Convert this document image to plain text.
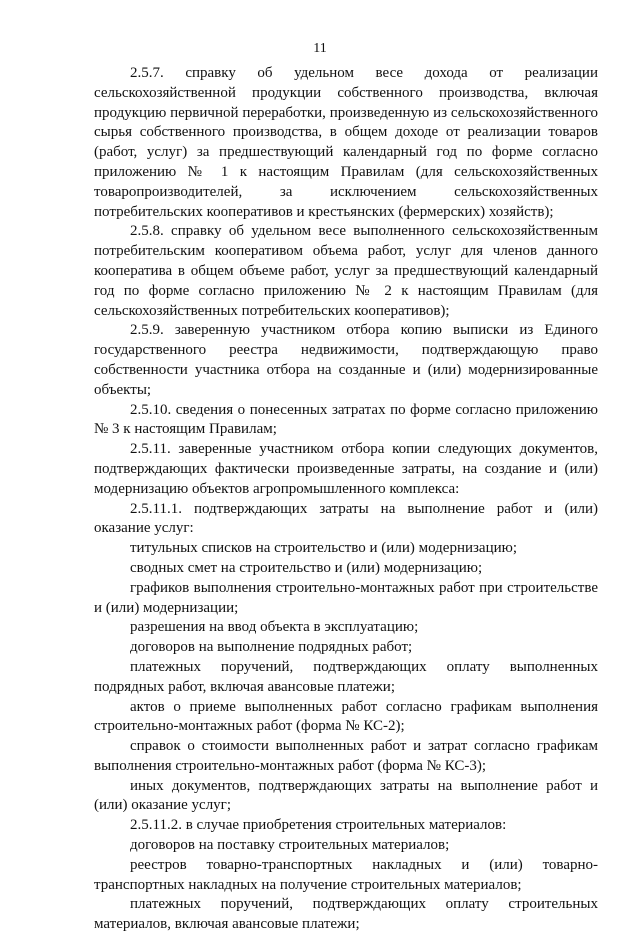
11

2.5.7. справку об удельном весе дохода от реализации сельскохозяйственной продукции собственного производства, включая продукцию первичной переработки, произведенную из сельскохозяйственного сырья собственного производства, в общем доходе от реализации товаров (работ, услуг) за предшествующий календарный год по форме согласно приложению № 1 к настоящим Правилам (для сельскохозяйственных товаропроизводителей, за исключением сельскохозяйственных потребительских кооперативов и крестьянских (фермерских) хозяйств);

2.5.8. справку об удельном весе выполненного сельскохозяйственным потребительским кооперативом объема работ, услуг для членов данного кооператива в общем объеме работ, услуг за предшествующий календарный год по форме согласно приложению № 2 к настоящим Правилам (для сельскохозяйственных потребительских кооперативов);

2.5.9. заверенную участником отбора копию выписки из Единого государственного реестра недвижимости, подтверждающую право собственности участника отбора на созданные и (или) модернизированные объекты;

2.5.10. сведения о понесенных затратах по форме согласно приложению № 3 к настоящим Правилам;

2.5.11. заверенные участником отбора копии следующих документов, подтверждающих фактически произведенные затраты, на создание и (или) модернизацию объектов агропромышленного комплекса:

2.5.11.1. подтверждающих затраты на выполнение работ и (или) оказание услуг:

титульных списков на строительство и (или) модернизацию;

сводных смет на строительство и (или) модернизацию;

графиков выполнения строительно-монтажных работ при строительстве и (или) модернизации;

разрешения на ввод объекта в эксплуатацию;

договоров на выполнение подрядных работ;

платежных поручений, подтверждающих оплату выполненных подрядных работ, включая авансовые платежи;

актов о приеме выполненных работ согласно графикам выполнения строительно-монтажных работ (форма № КС-2);

справок о стоимости выполненных работ и затрат согласно графикам выполнения строительно-монтажных работ (форма № КС-3);

иных документов, подтверждающих затраты на выполнение работ и (или) оказание услуг;

2.5.11.2. в случае приобретения строительных материалов:

договоров на поставку строительных материалов;

реестров товарно-транспортных накладных и (или) товарно-транспортных накладных на получение строительных материалов;

платежных поручений, подтверждающих оплату строительных материалов, включая авансовые платежи;
